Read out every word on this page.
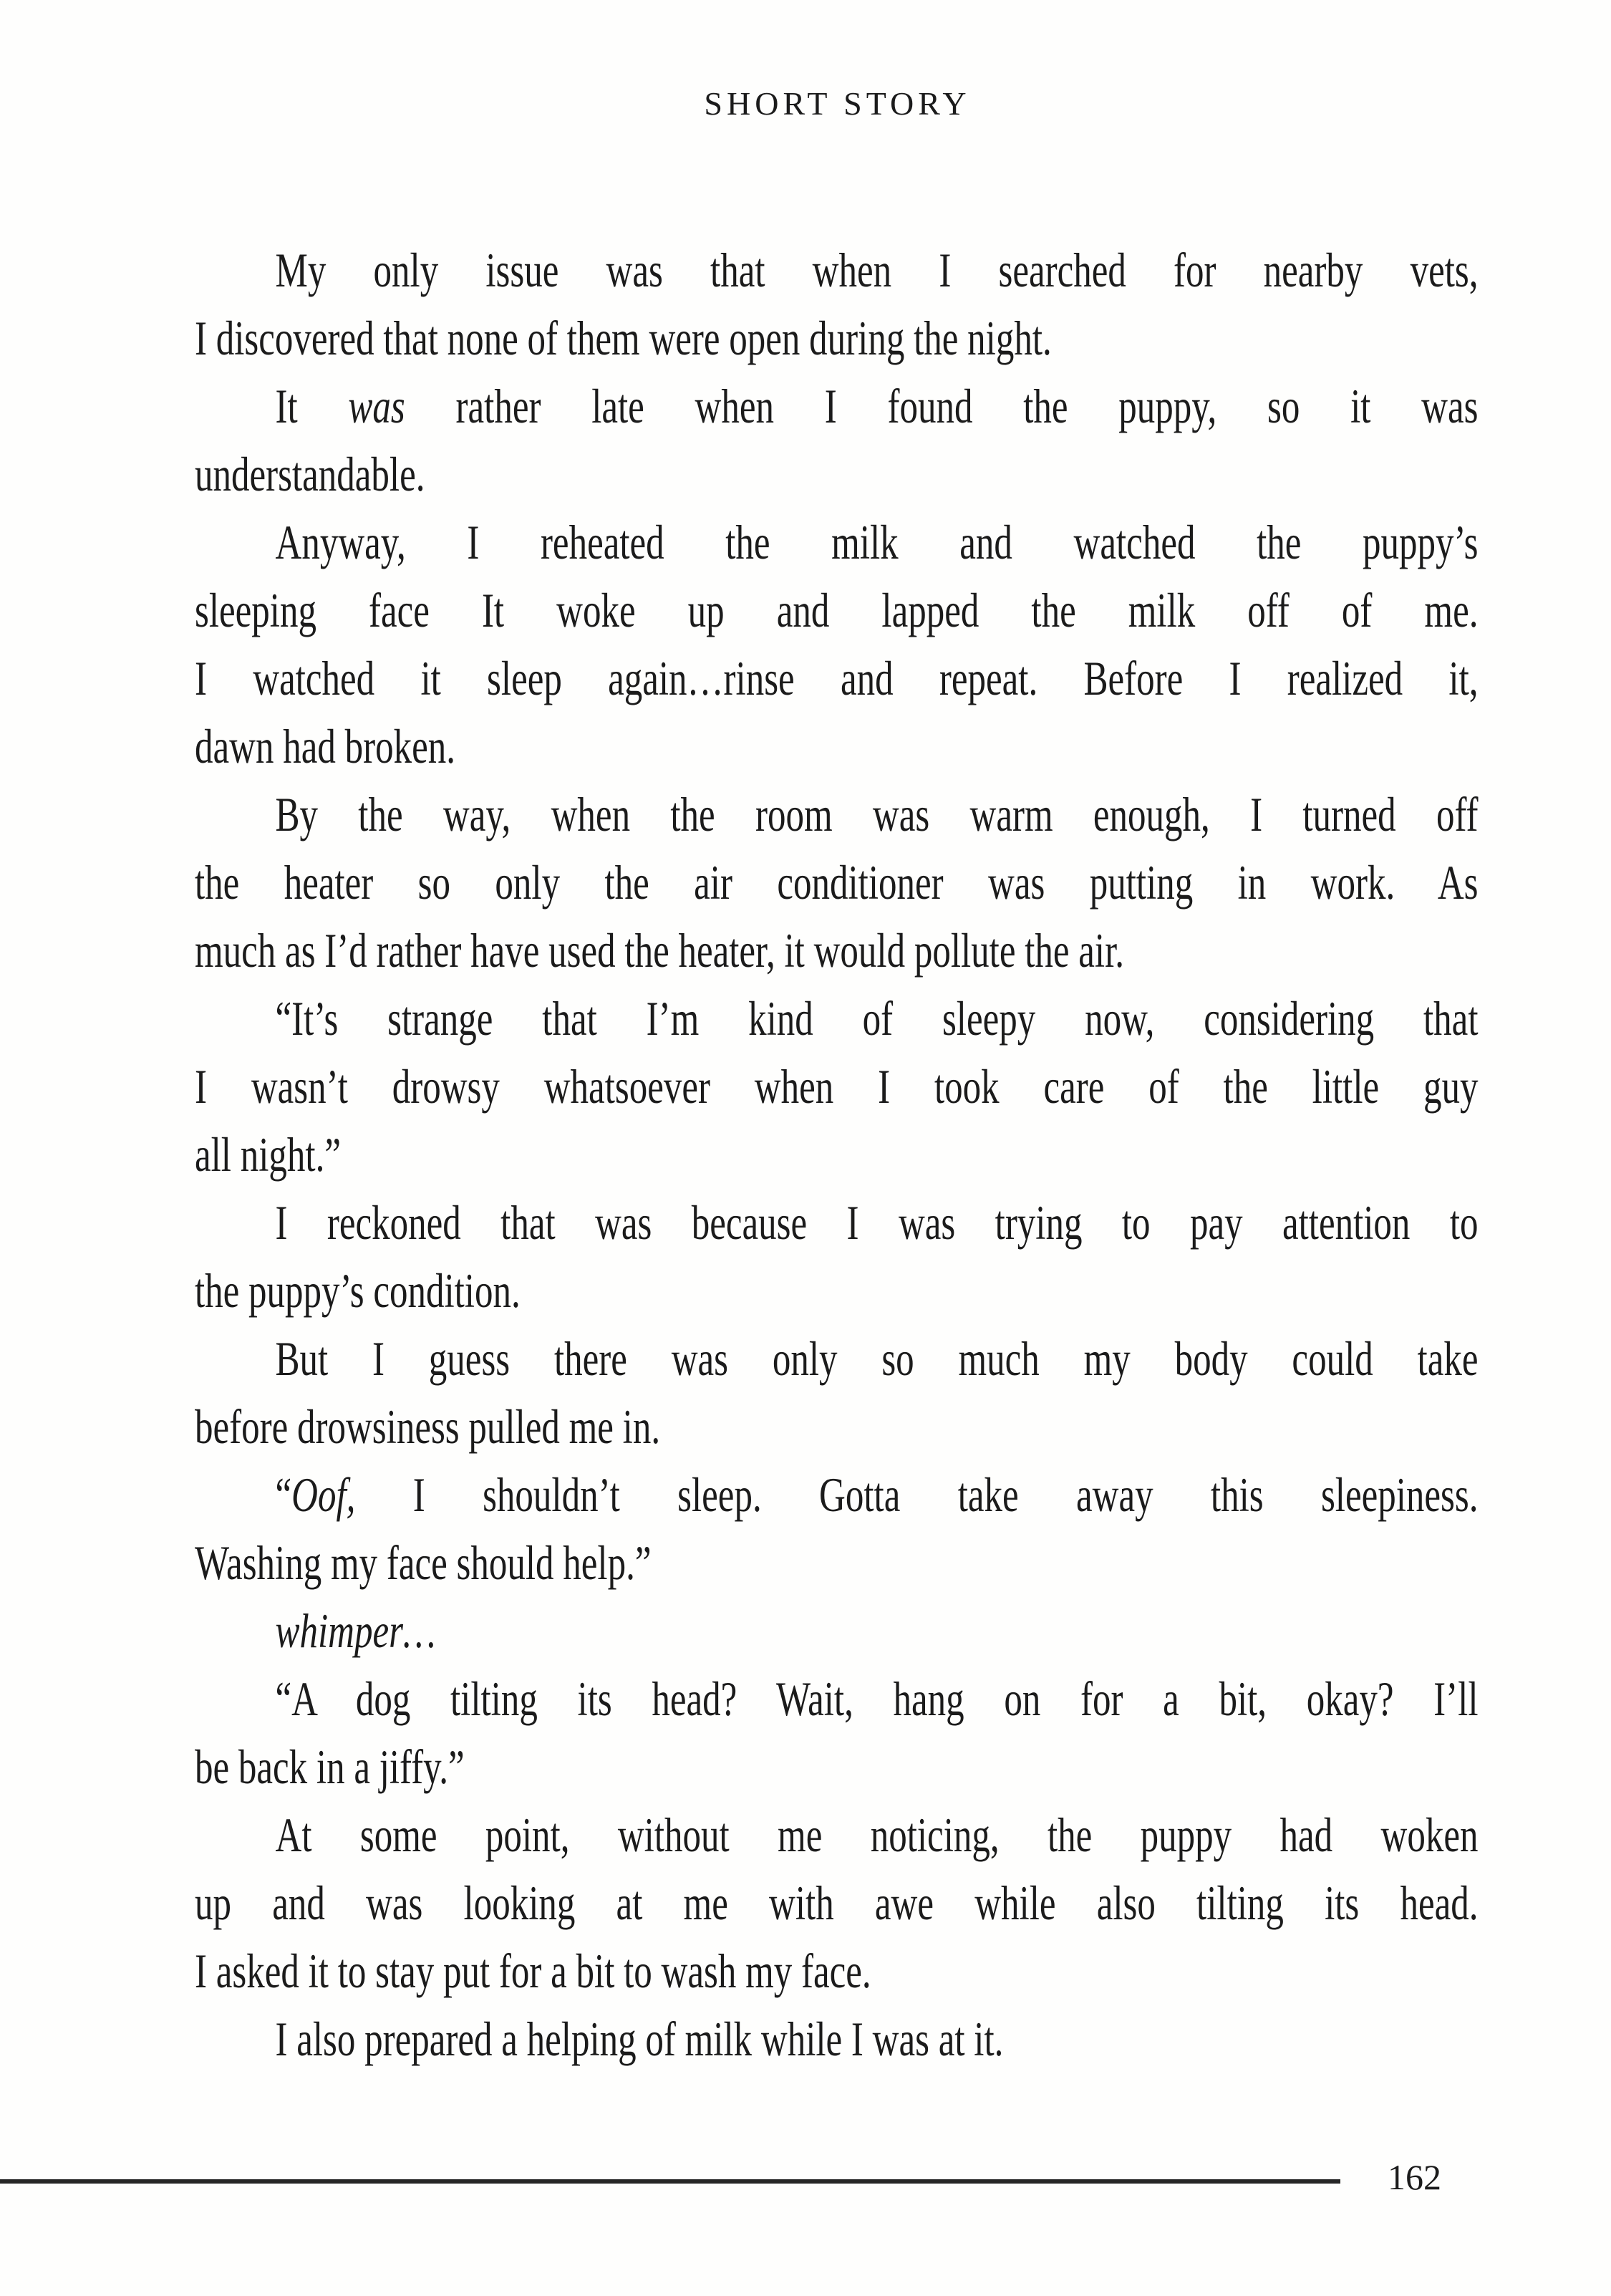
SHORT STORY
My only issue was that when I searched for nearby vets,
I discovered that none of them were open during the night.
It was rather late when I found the puppy, so it was
understandable.
Anyway, I reheated the milk and watched the puppy’s
sleeping face It woke up and lapped the milk off of me.
I watched it sleep again…rinse and repeat. Before I realized it,
dawn had broken.
By the way, when the room was warm enough, I turned off
the heater so only the air conditioner was putting in work. As
much as I’d rather have used the heater, it would pollute the air.
“It’s strange that I’m kind of sleepy now, considering that
I wasn’t drowsy whatsoever when I took care of the little guy
all night.”
I reckoned that was because I was trying to pay attention to
the puppy’s condition.
But I guess there was only so much my body could take
before drowsiness pulled me in.
“Oof, I shouldn’t sleep. Gotta take away this sleepiness.
Washing my face should help.”
whimper…
“A dog tilting its head? Wait, hang on for a bit, okay? I’ll
be back in a jiffy.”
At some point, without me noticing, the puppy had woken
up and was looking at me with awe while also tilting its head.
I asked it to stay put for a bit to wash my face.
I also prepared a helping of milk while I was at it.
162
